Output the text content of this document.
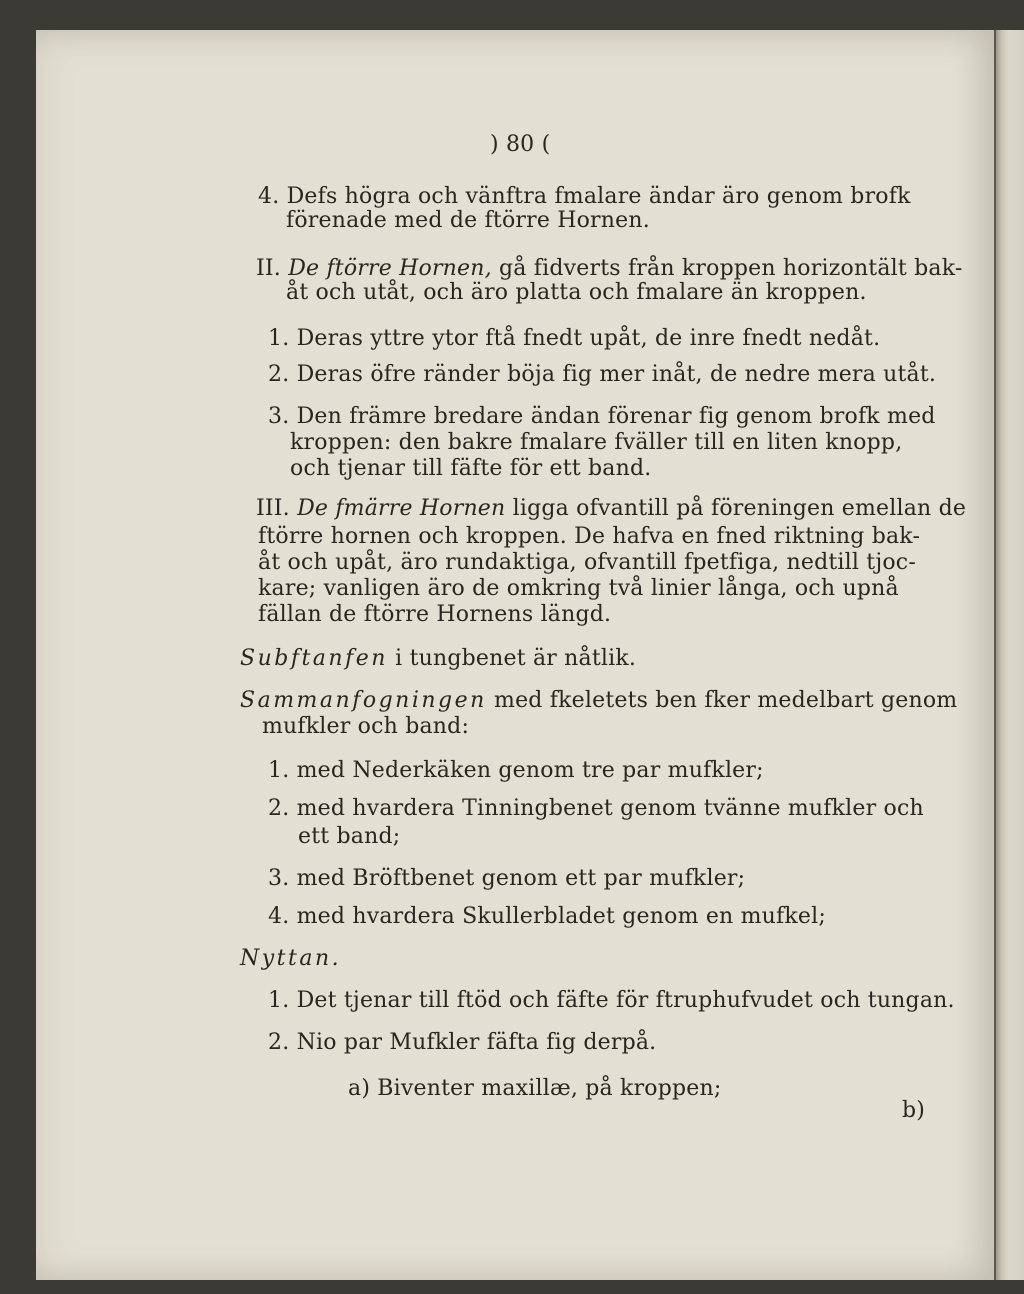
) 80 (
4. Defs högra och vänftra fmalare ändar äro genom brofk
förenade med de ftörre Hornen.
II. De ftörre Hornen, gå fidverts från kroppen horizontält bak-
åt och utåt, och äro platta och fmalare än kroppen.
1. Deras yttre ytor ftå fnedt upåt, de inre fnedt nedåt.
2. Deras öfre ränder böja fig mer inåt, de nedre mera utåt.
3. Den främre bredare ändan förenar fig genom brofk med
kroppen: den bakre fmalare fväller till en liten knopp,
och tjenar till fäfte för ett band.
III. De fmärre Hornen ligga ofvantill på föreningen emellan de
ftörre hornen och kroppen. De hafva en fned riktning bak-
åt och upåt, äro rundaktiga, ofvantill fpetfiga, nedtill tjoc-
kare; vanligen äro de omkring två linier långa, och upnå
fällan de ftörre Hornens längd.
Subftanfen i tungbenet är nåtlik.
Sammanfogningen med fkeletets ben fker medelbart genom
mufkler och band:
1. med Nederkäken genom tre par mufkler;
2. med hvardera Tinningbenet genom tvänne mufkler och
ett band;
3. med Bröftbenet genom ett par mufkler;
4. med hvardera Skullerbladet genom en mufkel;
Nyttan.
1. Det tjenar till ftöd och fäfte för ftruphufvudet och tungan.
2. Nio par Mufkler fäfta fig derpå.
a) Biventer maxillæ, på kroppen;
b)
